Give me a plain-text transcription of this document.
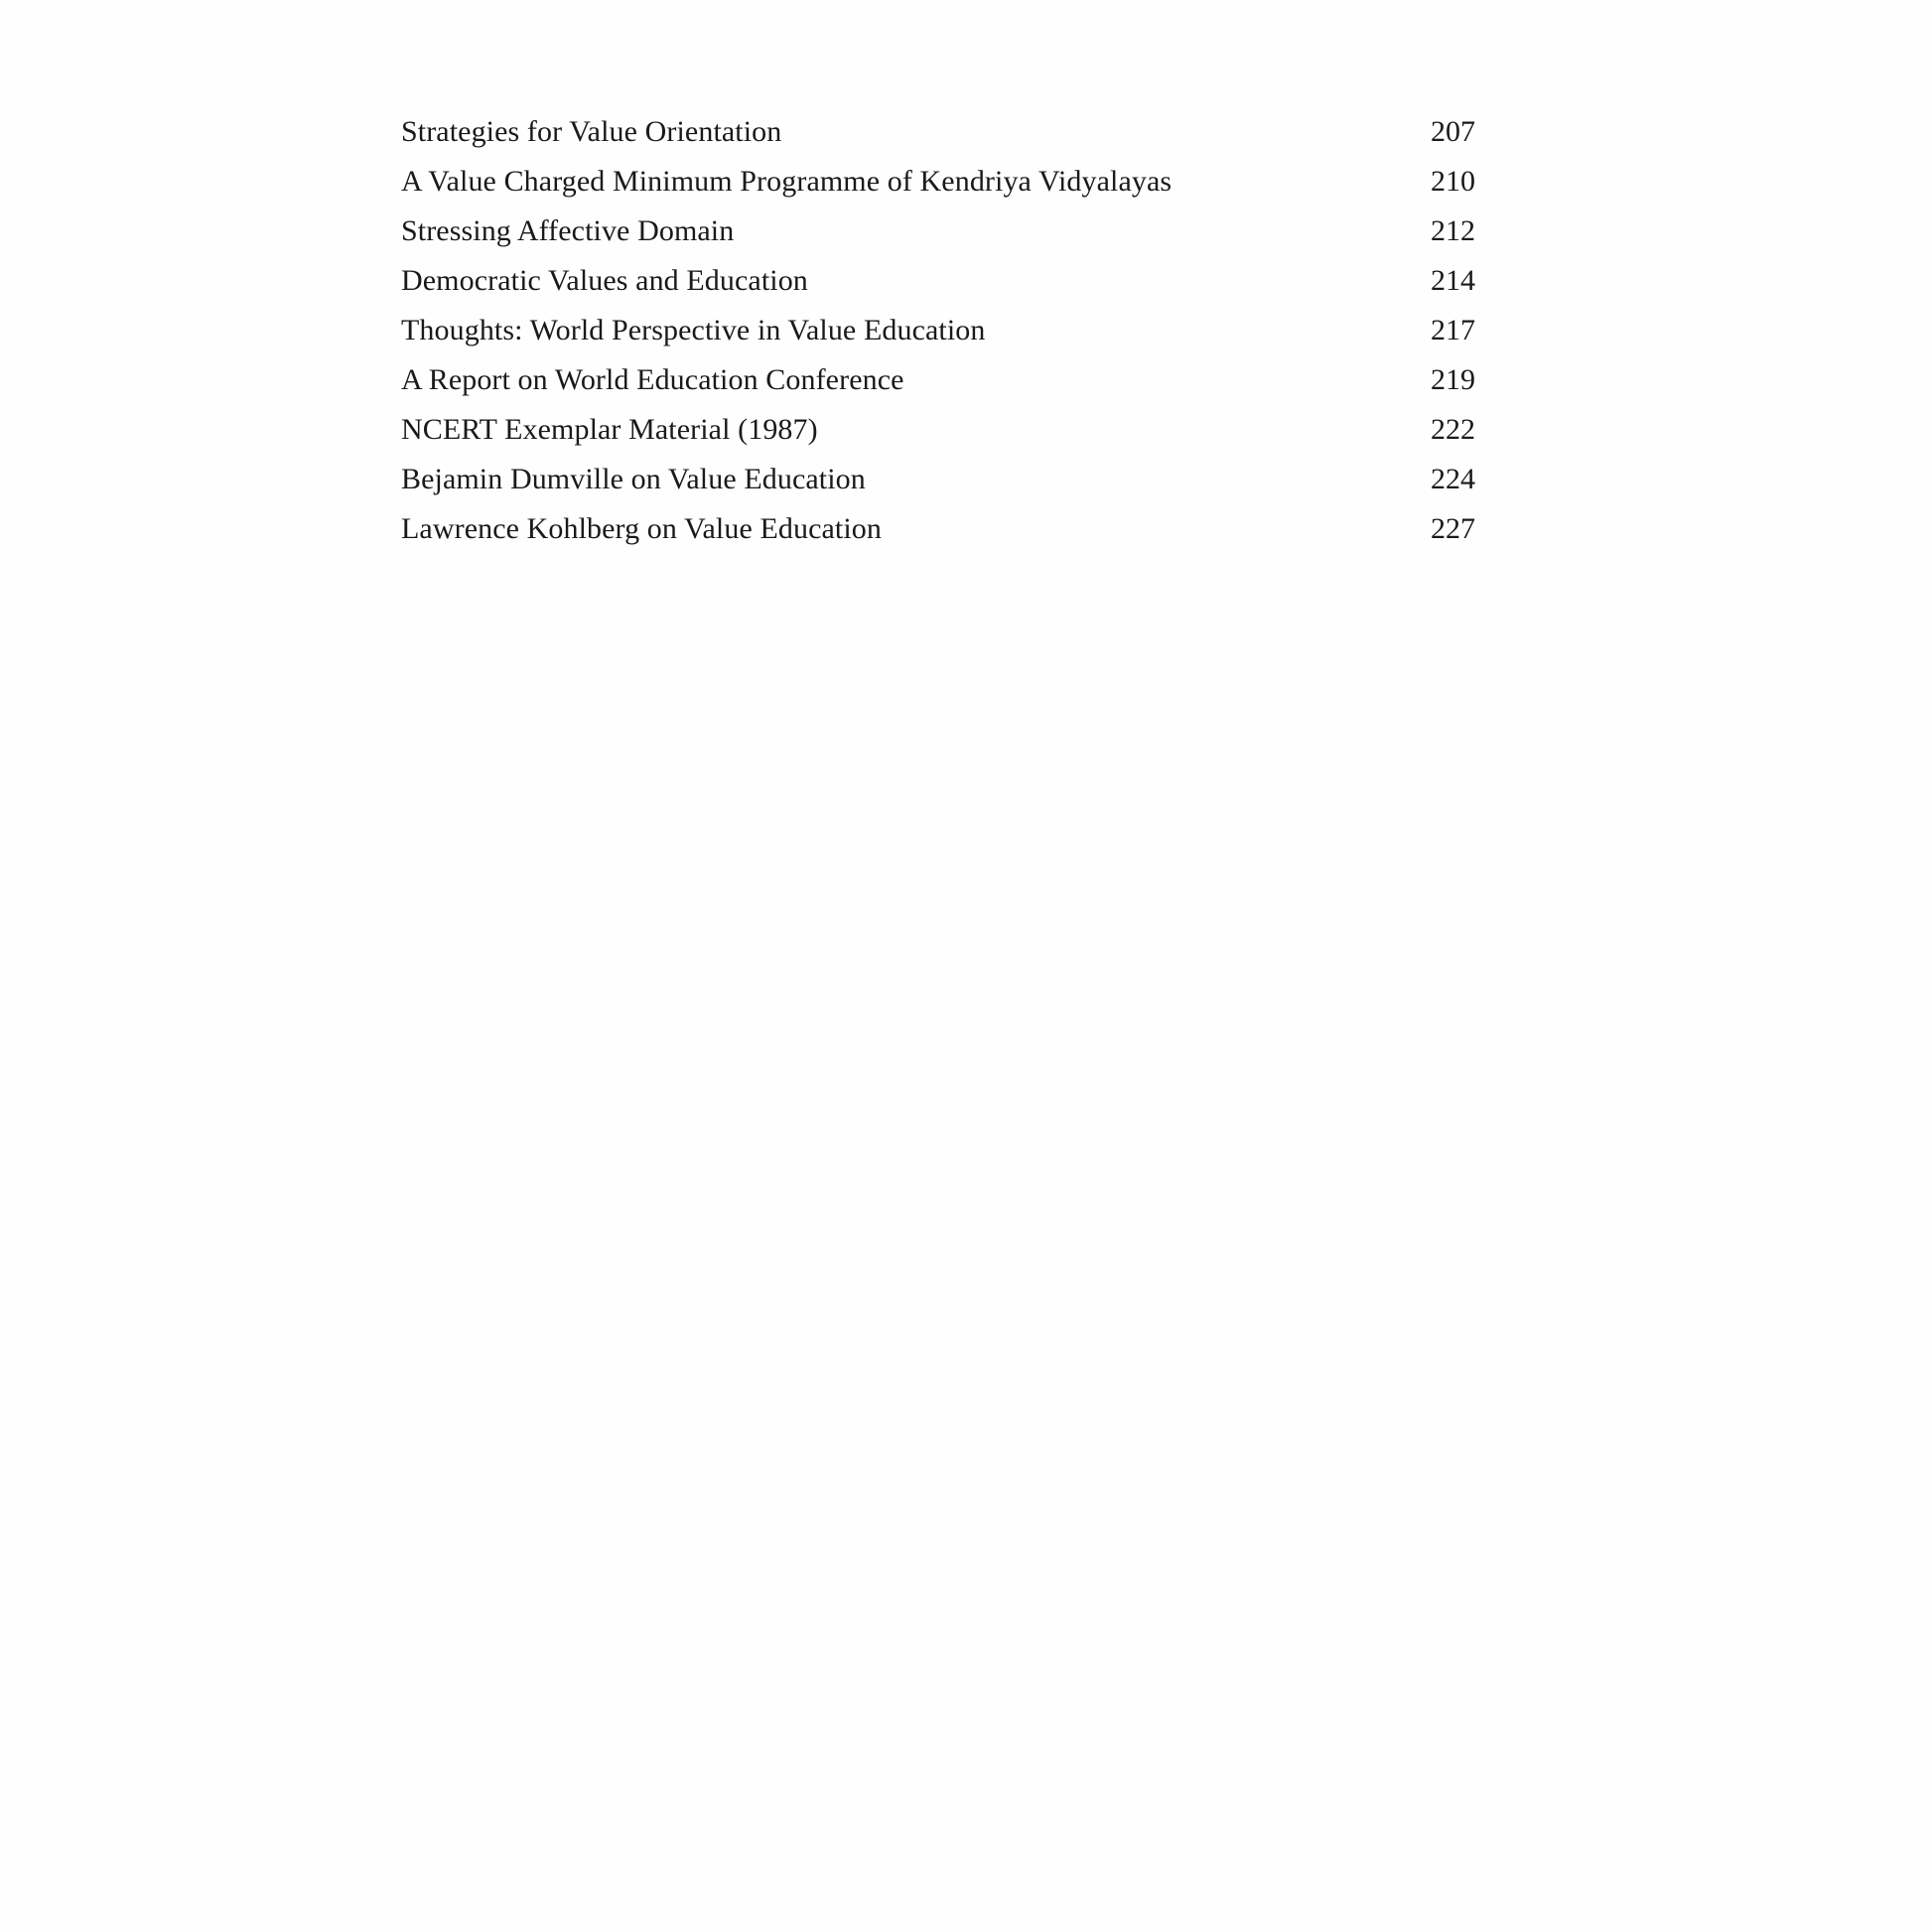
Strategies for Value Orientation	207
A Value Charged Minimum Programme of Kendriya Vidyalayas	210
Stressing Affective Domain	212
Democratic Values and Education	214
Thoughts: World Perspective in Value Education	217
A Report on World Education Conference	219
NCERT Exemplar Material (1987)	222
Bejamin Dumville on Value Education	224
Lawrence Kohlberg on Value Education	227
